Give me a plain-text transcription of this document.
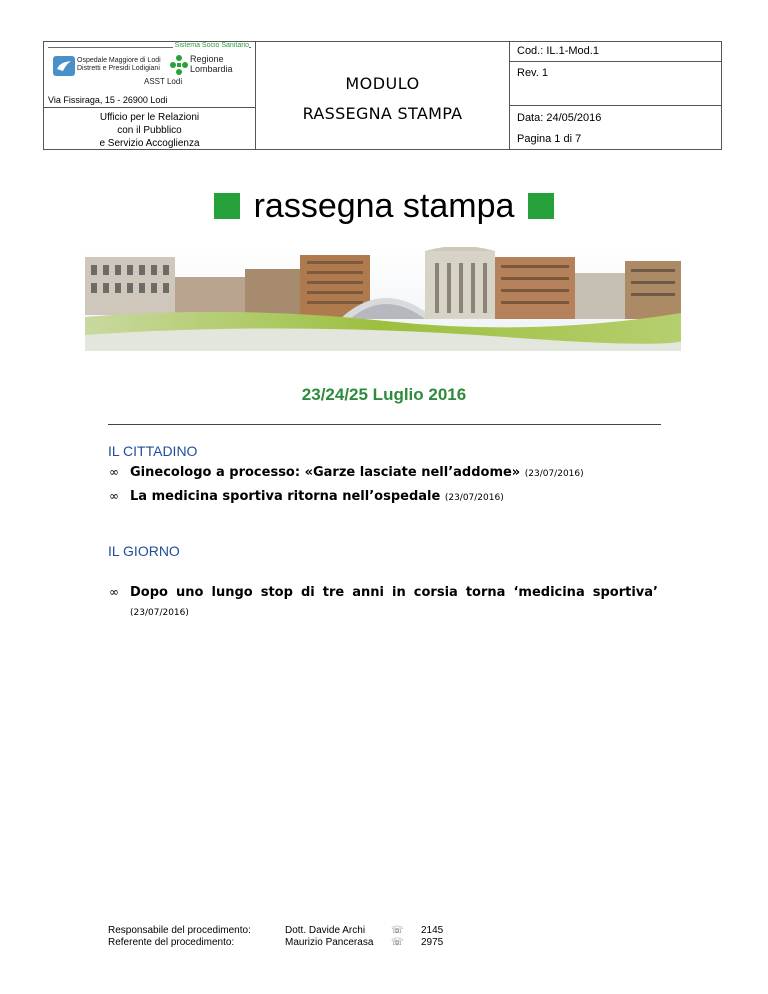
Sistema Socio Sanitario
Ospedale Maggiore di Lodi
Distretti e Presidi Lodigiani
ASST Lodi
Regione
Lombardia
Via Fissiraga, 15 - 26900 Lodi
Ufficio per le Relazioni
con il Pubblico
e Servizio Accoglienza
MODULO
RASSEGNA STAMPA
Cod.: IL.1-Mod.1
Rev. 1
Data: 24/05/2016
Pagina 1 di 7
rassegna stampa
23/24/25 Luglio 2016
IL CITTADINO
∞ Ginecologo a processo: «Garze lasciate nell’addome» (23/07/2016)
∞ La medicina sportiva ritorna nell’ospedale (23/07/2016)
IL GIORNO
∞ Dopo uno lungo stop di tre anni in corsia torna ‘medicina sportiva’ (23/07/2016)
Responsabile del procedimento:
Referente del procedimento:
Dott. Davide Archi
Maurizio Pancerasa
☏
☏
2145
2975
